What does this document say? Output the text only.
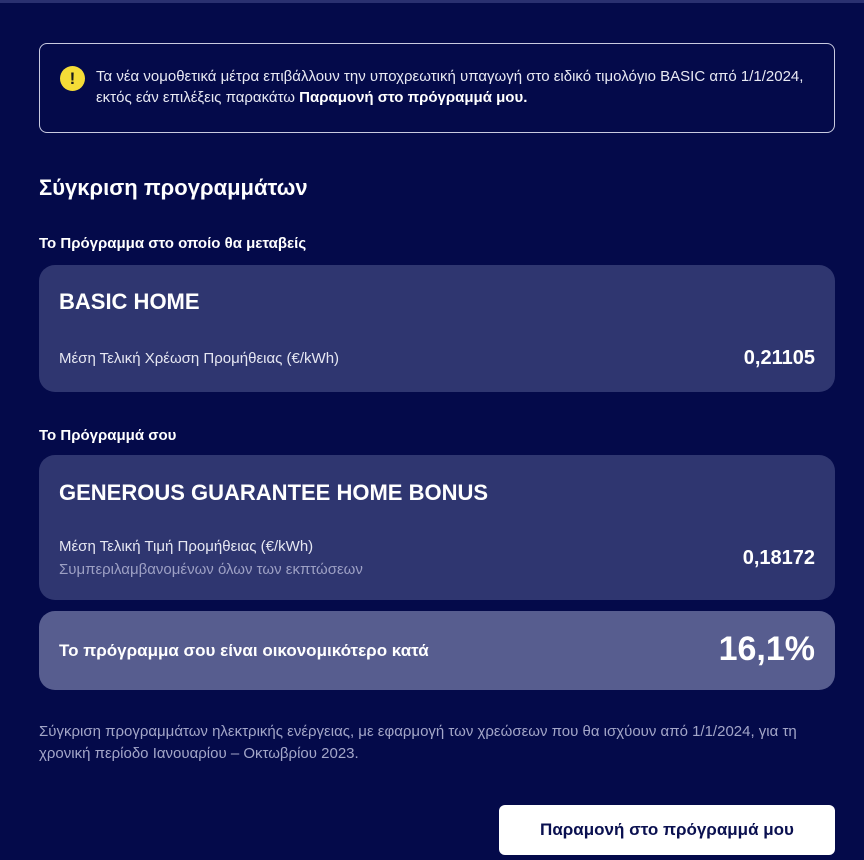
!	Τα νέα νομοθετικά μέτρα επιβάλλουν την υποχρεωτική υπαγωγή στο ειδικό τιμολόγιο BASIC από 1/1/2024, εκτός εάν επιλέξεις παρακάτω Παραμονή στο πρόγραμμά μου.
Σύγκριση προγραμμάτων
Το Πρόγραμμα στο οποίο θα μεταβείς
BASIC HOME
Μέση Τελική Χρέωση Προμήθειας (€/kWh)	0,21105
Το Πρόγραμμά σου
GENEROUS GUARANTEE HOME BONUS
Μέση Τελική Τιμή Προμήθειας (€/kWh)
Συμπεριλαμβανομένων όλων των εκπτώσεων
0,18172
Το πρόγραμμα σου είναι οικονομικότερο κατά	16,1%
Σύγκριση προγραμμάτων ηλεκτρικής ενέργειας, με εφαρμογή των χρεώσεων που θα ισχύουν από 1/1/2024, για τη χρονική περίοδο Ιανουαρίου – Οκτωβρίου 2023.
Παραμονή στο πρόγραμμά μου
